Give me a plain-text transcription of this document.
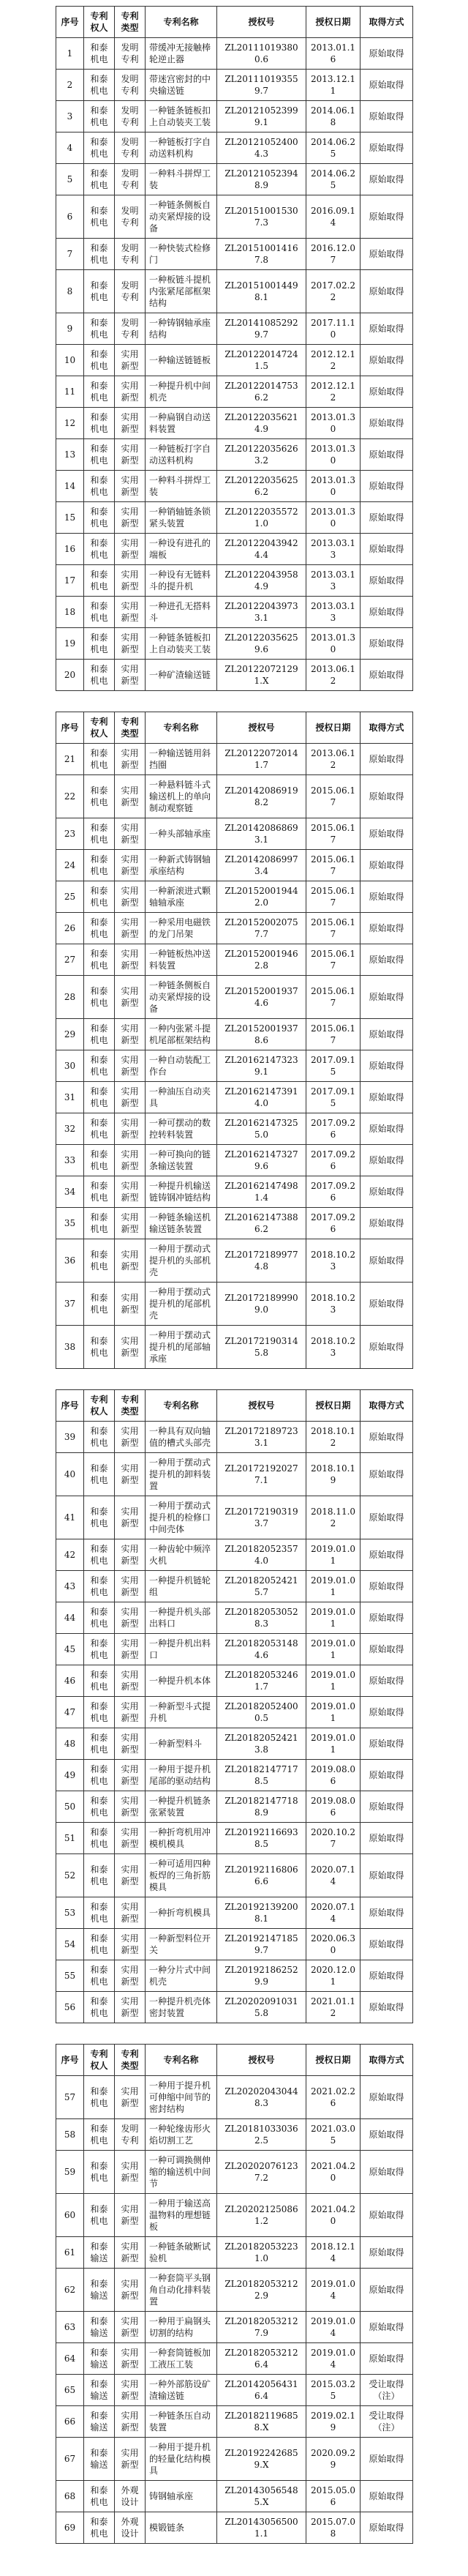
序号	专利权人	专利类型	专利名称	授权号	授权日期	取得方式
1	和泰机电	发明专利	带缓冲无接触棒轮逆止器	ZL201110193800.6	2013.01.16	原始取得
2	和泰机电	发明专利	带迷宫密封的中央输送链	ZL201110193559.7	2013.12.11	原始取得
3	和泰机电	发明专利	一种链条链板扣上自动装夹工装	ZL201210523999.1	2014.06.18	原始取得
4	和泰机电	发明专利	一种链板打字自动送料机构	ZL201210524004.3	2014.06.25	原始取得
5	和泰机电	发明专利	一种料斗拼焊工装	ZL201210523948.9	2014.06.25	原始取得
6	和泰机电	发明专利	一种链条侧板自动夹紧焊接的设备	ZL201510015307.3	2016.09.14	原始取得
7	和泰机电	发明专利	一种快装式检修门	ZL201510014167.8	2016.12.07	原始取得
8	和泰机电	发明专利	一种板链斗提机内张紧尾部框架结构	ZL201510014498.1	2017.02.22	原始取得
9	和泰机电	发明专利	一种铸钢轴承座结构	ZL201410852929.7	2017.11.10	原始取得
10	和泰机电	实用新型	一种输送链链板	ZL201220147241.5	2012.12.12	原始取得
11	和泰机电	实用新型	一种提升机中间机壳	ZL201220147536.2	2012.12.12	原始取得
12	和泰机电	实用新型	一种扁钢自动送料装置	ZL201220356214.9	2013.01.30	原始取得
13	和泰机电	实用新型	一种链板打字自动送料机构	ZL201220356263.2	2013.01.30	原始取得
14	和泰机电	实用新型	一种料斗拼焊工装	ZL201220356256.2	2013.01.30	原始取得
15	和泰机电	实用新型	一种销轴链条锁紧头装置	ZL201220355721.0	2013.01.30	原始取得
16	和泰机电	实用新型	一种设有进孔的端板	ZL201220439424.4	2013.03.13	原始取得
17	和泰机电	实用新型	一种设有无链料斗的提升机	ZL201220439584.9	2013.03.13	原始取得
18	和泰机电	实用新型	一种进孔无搭料斗	ZL201220439733.1	2013.03.13	原始取得
19	和泰机电	实用新型	一种链条链板扣上自动装夹工装	ZL201220356259.6	2013.01.30	原始取得
20	和泰机电	实用新型	一种矿渣输送链	ZL201220721291.X	2013.06.12	原始取得
序号	专利权人	专利类型	专利名称	授权号	授权日期	取得方式
21	和泰机电	实用新型	一种输送链用斜挡圈	ZL201220720141.7	2013.06.12	原始取得
22	和泰机电	实用新型	一种悬料链斗式输送机上的单向制动观察链	ZL201420869198.2	2015.06.17	原始取得
23	和泰机电	实用新型	一种头部轴承座	ZL201420868693.1	2015.06.17	原始取得
24	和泰机电	实用新型	一种新式铸钢轴承座结构	ZL201420869973.4	2015.06.17	原始取得
25	和泰机电	实用新型	一种新滚进式颗轴轴承座	ZL201520019442.0	2015.06.17	原始取得
26	和泰机电	实用新型	一种采用电磁铁的龙门吊架	ZL201520020757.7	2015.06.17	原始取得
27	和泰机电	实用新型	一种链板热冲送料装置	ZL201520019462.8	2015.06.17	原始取得
28	和泰机电	实用新型	一种链条侧板自动夹紧焊接的设备	ZL201520019374.6	2015.06.17	原始取得
29	和泰机电	实用新型	一种内张紧斗提机尾部框架结构	ZL201520019378.6	2015.06.17	原始取得
30	和泰机电	实用新型	一种自动装配工作台	ZL201621473239.1	2017.09.15	原始取得
31	和泰机电	实用新型	一种油压自动夹具	ZL201621473914.0	2017.09.15	原始取得
32	和泰机电	实用新型	一种可摆动的数控转料装置	ZL201621473255.0	2017.09.26	原始取得
33	和泰机电	实用新型	一种可换向的链条输送装置	ZL201621473279.6	2017.09.26	原始取得
34	和泰机电	实用新型	一种提升机输送链铸钢冲链结构	ZL201621474981.4	2017.09.26	原始取得
35	和泰机电	实用新型	一种链条输送机输送链条装置	ZL201621473886.2	2017.09.26	原始取得
36	和泰机电	实用新型	一种用于摆动式提升机的头部机壳	ZL201721899774.8	2018.10.23	原始取得
37	和泰机电	实用新型	一种用于摆动式提升机的尾部机壳	ZL201721899909.0	2018.10.23	原始取得
38	和泰机电	实用新型	一种用于摆动式提升机的尾部轴承座	ZL201721903145.8	2018.10.23	原始取得
序号	专利权人	专利类型	专利名称	授权号	授权日期	取得方式
39	和泰机电	实用新型	一种具有双向轴值的槽式头部壳	ZL201721897233.1	2018.10.12	原始取得
40	和泰机电	实用新型	一种用于摆动式提升机的卸料装置	ZL201721920277.1	2018.10.19	原始取得
41	和泰机电	实用新型	一种用于摆动式提升机的检修口中间壳体	ZL201721903193.7	2018.11.02	原始取得
42	和泰机电	实用新型	一种齿轮中频淬火机	ZL201820523574.0	2019.01.01	原始取得
43	和泰机电	实用新型	一种提升机链轮组	ZL201820524215.7	2019.01.01	原始取得
44	和泰机电	实用新型	一种提升机头部出料口	ZL201820530528.3	2019.01.01	原始取得
45	和泰机电	实用新型	一种提升机出料口	ZL201820531484.6	2019.01.01	原始取得
46	和泰机电	实用新型	一种提升机本体	ZL201820532461.7	2019.01.01	原始取得
47	和泰机电	实用新型	一种新型斗式提升机	ZL201820524000.5	2019.01.01	原始取得
48	和泰机电	实用新型	一种新型料斗	ZL201820524213.8	2019.01.01	原始取得
49	和泰机电	实用新型	一种用于提升机尾部的驱动结构	ZL201821477178.5	2019.08.06	原始取得
50	和泰机电	实用新型	一种提升机链条张紧装置	ZL201821477188.9	2019.08.06	原始取得
51	和泰机电	实用新型	一种折弯机用冲模机模具	ZL201921166938.5	2020.10.27	原始取得
52	和泰机电	实用新型	一种可适用四种板焊的三角折筋模具	ZL201921168066.6	2020.07.14	原始取得
53	和泰机电	实用新型	一种折弯机模具	ZL201921392008.1	2020.07.14	原始取得
54	和泰机电	实用新型	一种新型料位开关	ZL201921471859.7	2020.06.30	原始取得
55	和泰机电	实用新型	一种分片式中间机壳	ZL201921862529.9	2020.12.01	原始取得
56	和泰机电	实用新型	一种提升机壳体密封装置	ZL202020910315.8	2021.01.12	原始取得
序号	专利权人	专利类型	专利名称	授权号	授权日期	取得方式
57	和泰机电	实用新型	一种用于提升机可伸缩中间节的密封结构	ZL202020430448.3	2021.02.26	原始取得
58	和泰机电	发明专利	一种轮缘齿形火焰切割工艺	ZL201810330362.5	2021.03.05	原始取得
59	和泰机电	实用新型	一种可调换侧伸缩的输送机中间节	ZL202020761237.2	2021.04.20	原始取得
60	和泰机电	实用新型	一种用于输送高温物料的理想链板	ZL202021250861.2	2021.04.20	原始取得
61	和泰输送	实用新型	一种链条破断试验机	ZL201820532231.0	2018.12.14	原始取得
62	和泰输送	实用新型	一种套筒平头钢角自动化排料装置	ZL201820532122.9	2019.01.04	原始取得
63	和泰输送	实用新型	一种用于扁钢头切割的结构	ZL201820532127.9	2019.01.04	原始取得
64	和泰输送	实用新型	一种套筒链板加工液压工装	ZL201820532126.4	2019.01.04	原始取得
65	和泰输送	实用新型	一种外部筋设矿渣输送链	ZL201420564316.4	2015.03.25	受让取得（注）
66	和泰输送	实用新型	一种链条压自动装置	ZL201821196858.X	2019.02.19	受让取得（注）
67	和泰输送	实用新型	一种用于提升机的轻量化结构模具	ZL201922426859.X	2020.09.29	原始取得
68	和泰机电	外观设计	铸钢轴承座	ZL201430565485.X	2015.05.06	原始取得
69	和泰机电	外观设计	模锻链条	ZL201430565001.1	2015.07.08	原始取得
